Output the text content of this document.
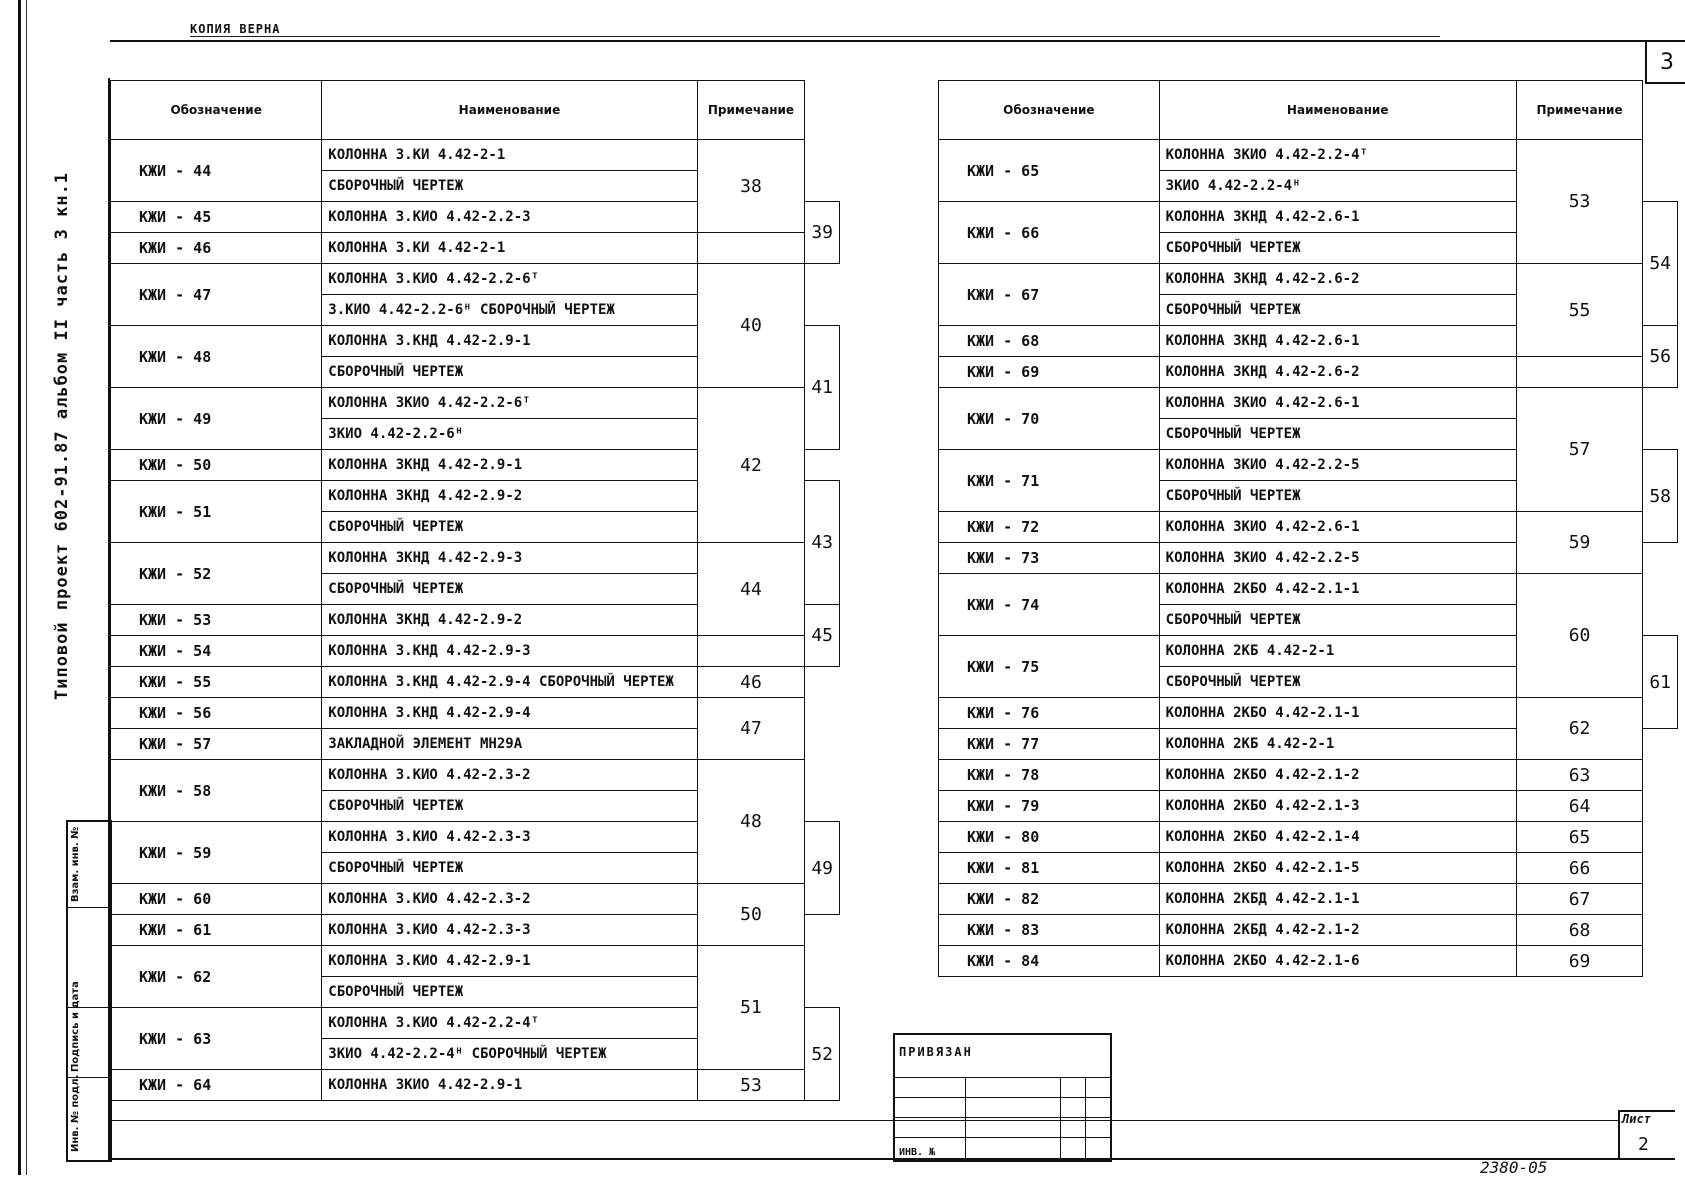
КОПИЯ ВЕРНА
3
Типовой проект 602-91.87 альбом II часть 3 кн.1
Инв. № подл.
Подпись и дата
Взам. инв. №
Обозначение	Наименование	Примечание	
КЖИ - 44	КОЛОННА 3.КИ 4.42-2-1	38	
	СБОРОЧНЫЙ ЧЕРТЕЖ		
КЖИ - 45	КОЛОННА 3.КИО 4.42-2.2-3		39
КЖИ - 46	КОЛОННА 3.КИ 4.42-2-1		
КЖИ - 47	КОЛОННА 3.КИО 4.42-2.2-6ᵀ	40	
	3.КИО 4.42-2.2-6ᴴ СБОРОЧНЫЙ ЧЕРТЕЖ		
КЖИ - 48	КОЛОННА 3.КНД 4.42-2.9-1		41
	СБОРОЧНЫЙ ЧЕРТЕЖ		
КЖИ - 49	КОЛОННА 3КИО 4.42-2.2-6ᵀ	42	
	3КИО 4.42-2.2-6ᴴ		
КЖИ - 50	КОЛОННА 3КНД 4.42-2.9-1		
КЖИ - 51	КОЛОННА 3КНД 4.42-2.9-2		43
	СБОРОЧНЫЙ ЧЕРТЕЖ		
КЖИ - 52	КОЛОННА 3КНД 4.42-2.9-3	44	
	СБОРОЧНЫЙ ЧЕРТЕЖ		
КЖИ - 53	КОЛОННА 3КНД 4.42-2.9-2		45
КЖИ - 54	КОЛОННА 3.КНД 4.42-2.9-3		
КЖИ - 55	КОЛОННА 3.КНД 4.42-2.9-4 СБОРОЧНЫЙ ЧЕРТЕЖ	46	
КЖИ - 56	КОЛОННА 3.КНД 4.42-2.9-4	47	
КЖИ - 57	ЗАКЛАДНОЙ ЭЛЕМЕНТ МН29А		
КЖИ - 58	КОЛОННА 3.КИО 4.42-2.3-2	48	
	СБОРОЧНЫЙ ЧЕРТЕЖ		
КЖИ - 59	КОЛОННА 3.КИО 4.42-2.3-3		49
	СБОРОЧНЫЙ ЧЕРТЕЖ		
КЖИ - 60	КОЛОННА 3.КИО 4.42-2.3-2	50	
КЖИ - 61	КОЛОННА 3.КИО 4.42-2.3-3		
КЖИ - 62	КОЛОННА 3.КИО 4.42-2.9-1	51	
	СБОРОЧНЫЙ ЧЕРТЕЖ		
КЖИ - 63	КОЛОННА 3.КИО 4.42-2.2-4ᵀ		52
	3КИО 4.42-2.2-4ᴴ СБОРОЧНЫЙ ЧЕРТЕЖ		
КЖИ - 64	КОЛОННА 3КИО 4.42-2.9-1	53	
Обозначение	Наименование	Примечание	
КЖИ - 65	КОЛОННА 3КИО 4.42-2.2-4ᵀ	53	
	3КИО 4.42-2.2-4ᴴ		
КЖИ - 66	КОЛОННА 3КНД 4.42-2.6-1		54
	СБОРОЧНЫЙ ЧЕРТЕЖ		
КЖИ - 67	КОЛОННА 3КНД 4.42-2.6-2	55	
	СБОРОЧНЫЙ ЧЕРТЕЖ		
КЖИ - 68	КОЛОННА 3КНД 4.42-2.6-1		56
КЖИ - 69	КОЛОННА 3КНД 4.42-2.6-2		
КЖИ - 70	КОЛОННА 3КИО 4.42-2.6-1	57	
	СБОРОЧНЫЙ ЧЕРТЕЖ		
КЖИ - 71	КОЛОННА 3КИО 4.42-2.2-5		58
	СБОРОЧНЫЙ ЧЕРТЕЖ		
КЖИ - 72	КОЛОННА 3КИО 4.42-2.6-1	59	
КЖИ - 73	КОЛОННА 3КИО 4.42-2.2-5		
КЖИ - 74	КОЛОННА 2КБО 4.42-2.1-1	60	
	СБОРОЧНЫЙ ЧЕРТЕЖ		
КЖИ - 75	КОЛОННА 2КБ 4.42-2-1		61
	СБОРОЧНЫЙ ЧЕРТЕЖ		
КЖИ - 76	КОЛОННА 2КБО 4.42-2.1-1	62	
КЖИ - 77	КОЛОННА 2КБ 4.42-2-1		
КЖИ - 78	КОЛОННА 2КБО 4.42-2.1-2	63	
КЖИ - 79	КОЛОННА 2КБО 4.42-2.1-3	64	
КЖИ - 80	КОЛОННА 2КБО 4.42-2.1-4	65	
КЖИ - 81	КОЛОННА 2КБО 4.42-2.1-5	66	
КЖИ - 82	КОЛОННА 2КБД 4.42-2.1-1	67	
КЖИ - 83	КОЛОННА 2КБД 4.42-2.1-2	68	
КЖИ - 84	КОЛОННА 2КБО 4.42-2.1-6	69	
ПРИВЯЗАН
ИНВ. №
Лист
2
2380-05
